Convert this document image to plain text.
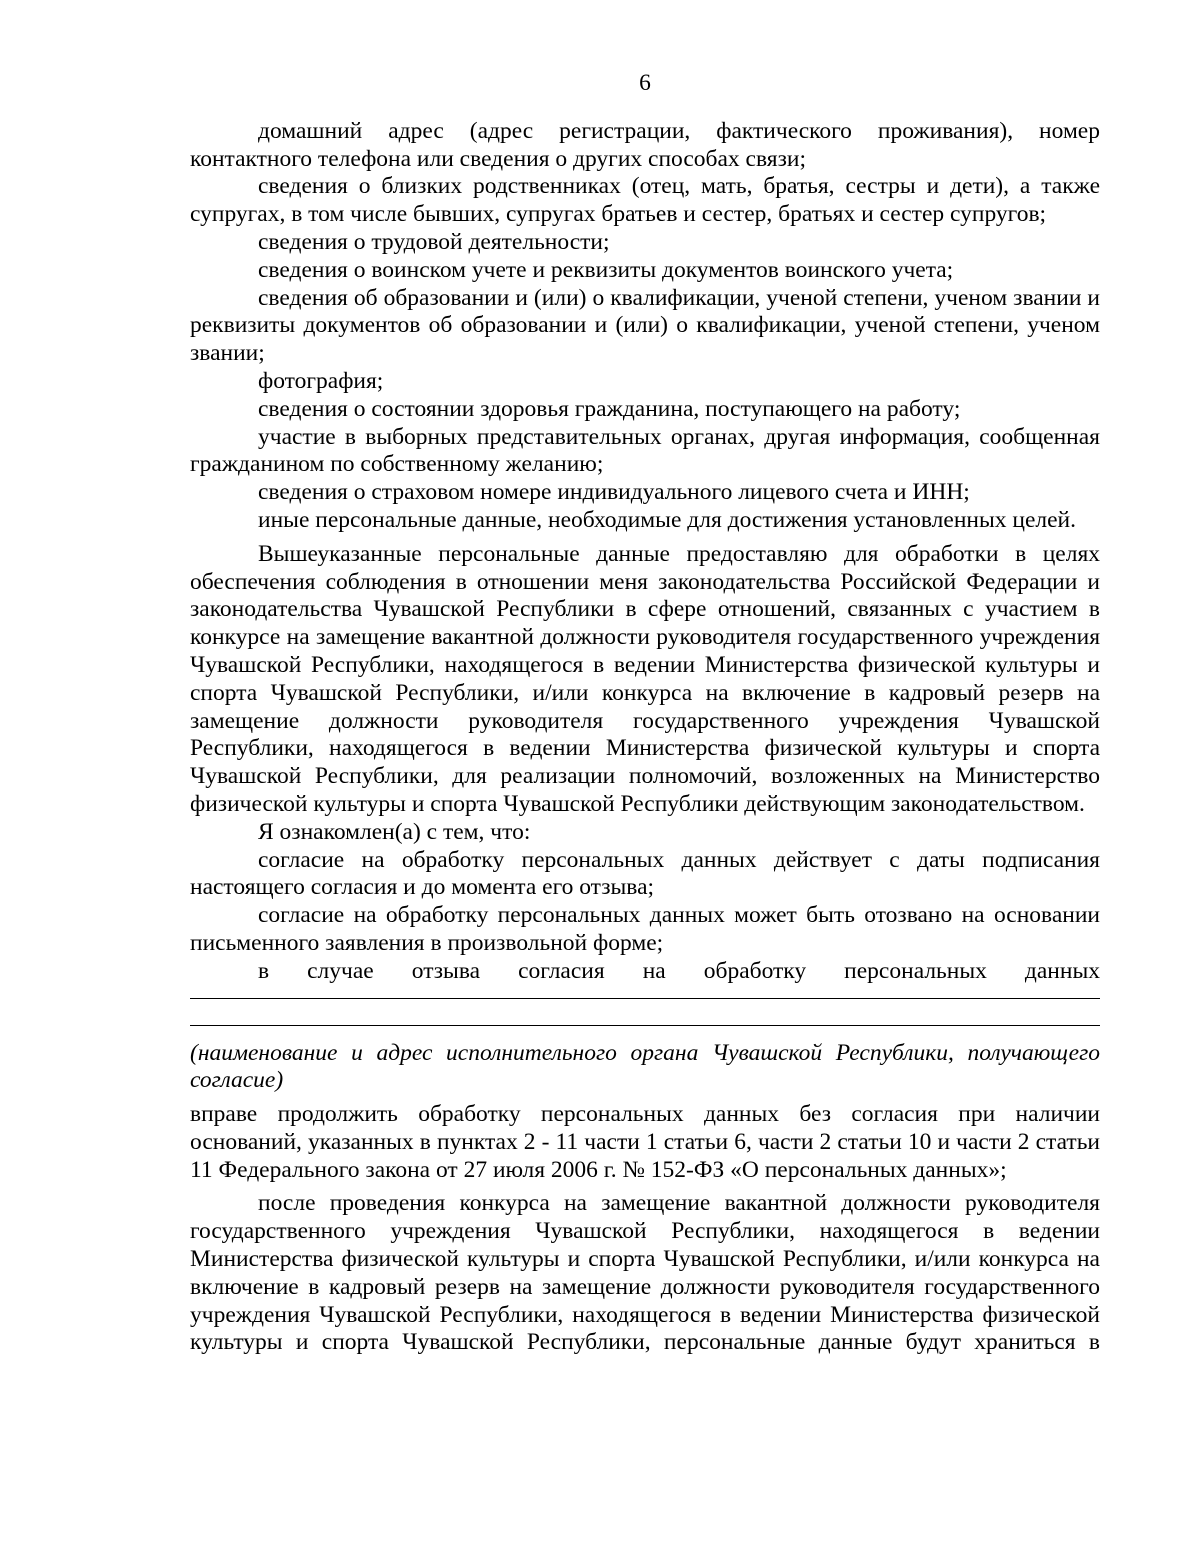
6

домашний адрес (адрес регистрации, фактического проживания), номер контактного телефона или сведения о других способах связи;

сведения о близких родственниках (отец, мать, братья, сестры и дети), а также супругах, в том числе бывших, супругах братьев и сестер, братьях и сестер супругов;

сведения о трудовой деятельности;

сведения о воинском учете и реквизиты документов воинского учета;

сведения об образовании и (или) о квалификации, ученой степени, ученом звании и реквизиты документов об образовании и (или) о квалификации, ученой степени, ученом звании;

фотография;

сведения о состоянии здоровья гражданина, поступающего на работу;

участие в выборных представительных органах, другая информация, сообщенная гражданином по собственному желанию;

сведения о страховом номере индивидуального лицевого счета и ИНН;

иные персональные данные, необходимые для достижения установленных целей.

Вышеуказанные персональные данные предоставляю для обработки в целях обеспечения соблюдения в отношении меня законодательства Российской Федерации и законодательства Чувашской Республики в сфере отношений, связанных с участием в конкурсе на замещение вакантной должности руководителя государственного учреждения Чувашской Республики, находящегося в ведении Министерства физической культуры и спорта Чувашской Республики, и/или конкурса на включение в кадровый резерв на замещение должности руководителя государственного учреждения Чувашской Республики, находящегося в ведении Министерства физической культуры и спорта Чувашской Республики, для реализации полномочий, возложенных на Министерство физической культуры и спорта Чувашской Республики действующим законодательством.

Я ознакомлен(а) с тем, что:

согласие на обработку персональных данных действует с даты подписания настоящего согласия и до момента его отзыва;

согласие на обработку персональных данных может быть отозвано на основании письменного заявления в произвольной форме;

в случае отзыва согласия на обработку персональных данных

(наименование и адрес исполнительного органа Чувашской Республики, получающего согласие)

вправе продолжить обработку персональных данных без согласия при наличии оснований, указанных в пунктах 2 - 11 части 1 статьи 6, части 2 статьи 10 и части 2 статьи 11 Федерального закона от 27 июля 2006 г. № 152-ФЗ «О персональных данных»;

после проведения конкурса на замещение вакантной должности руководителя государственного учреждения Чувашской Республики, находящегося в ведении Министерства физической культуры и спорта Чувашской Республики, и/или конкурса на включение в кадровый резерв на замещение должности руководителя государственного учреждения Чувашской Республики, находящегося в ведении Министерства физической культуры и спорта Чувашской Республики, персональные данные будут храниться в
